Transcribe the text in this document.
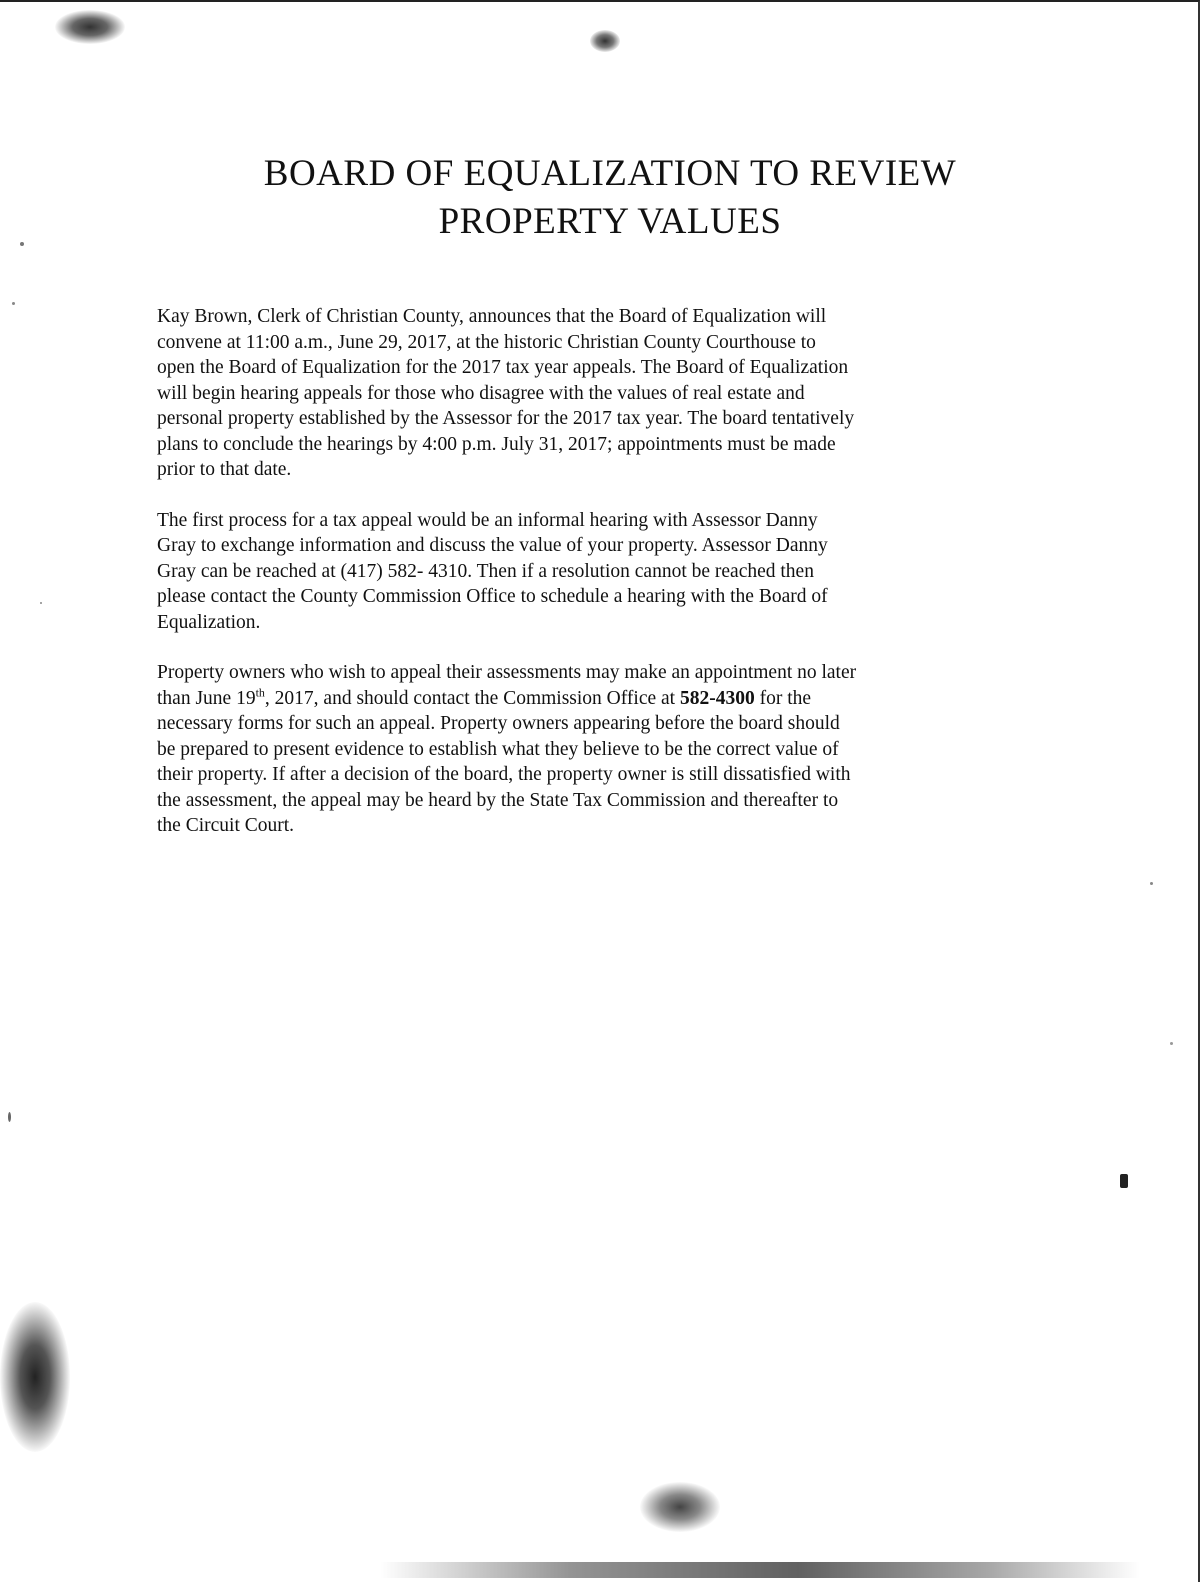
BOARD OF EQUALIZATION TO REVIEW
PROPERTY VALUES

Kay Brown, Clerk of Christian County, announces that the Board of Equalization will
convene at 11:00 a.m., June 29, 2017, at the historic Christian County Courthouse to
open the Board of Equalization for the 2017 tax year appeals. The Board of Equalization
will begin hearing appeals for those who disagree with the values of real estate and
personal property established by the Assessor for the 2017 tax year. The board tentatively
plans to conclude the hearings by 4:00 p.m. July 31, 2017; appointments must be made
prior to that date.

The first process for a tax appeal would be an informal hearing with Assessor Danny
Gray to exchange information and discuss the value of your property. Assessor Danny
Gray can be reached at (417) 582- 4310. Then if a resolution cannot be reached then
please contact the County Commission Office to schedule a hearing with the Board of
Equalization.

Property owners who wish to appeal their assessments may make an appointment no later
than June 19th, 2017, and should contact the Commission Office at 582-4300 for the
necessary forms for such an appeal. Property owners appearing before the board should
be prepared to present evidence to establish what they believe to be the correct value of
their property. If after a decision of the board, the property owner is still dissatisfied with
the assessment, the appeal may be heard by the State Tax Commission and thereafter to
the Circuit Court.
